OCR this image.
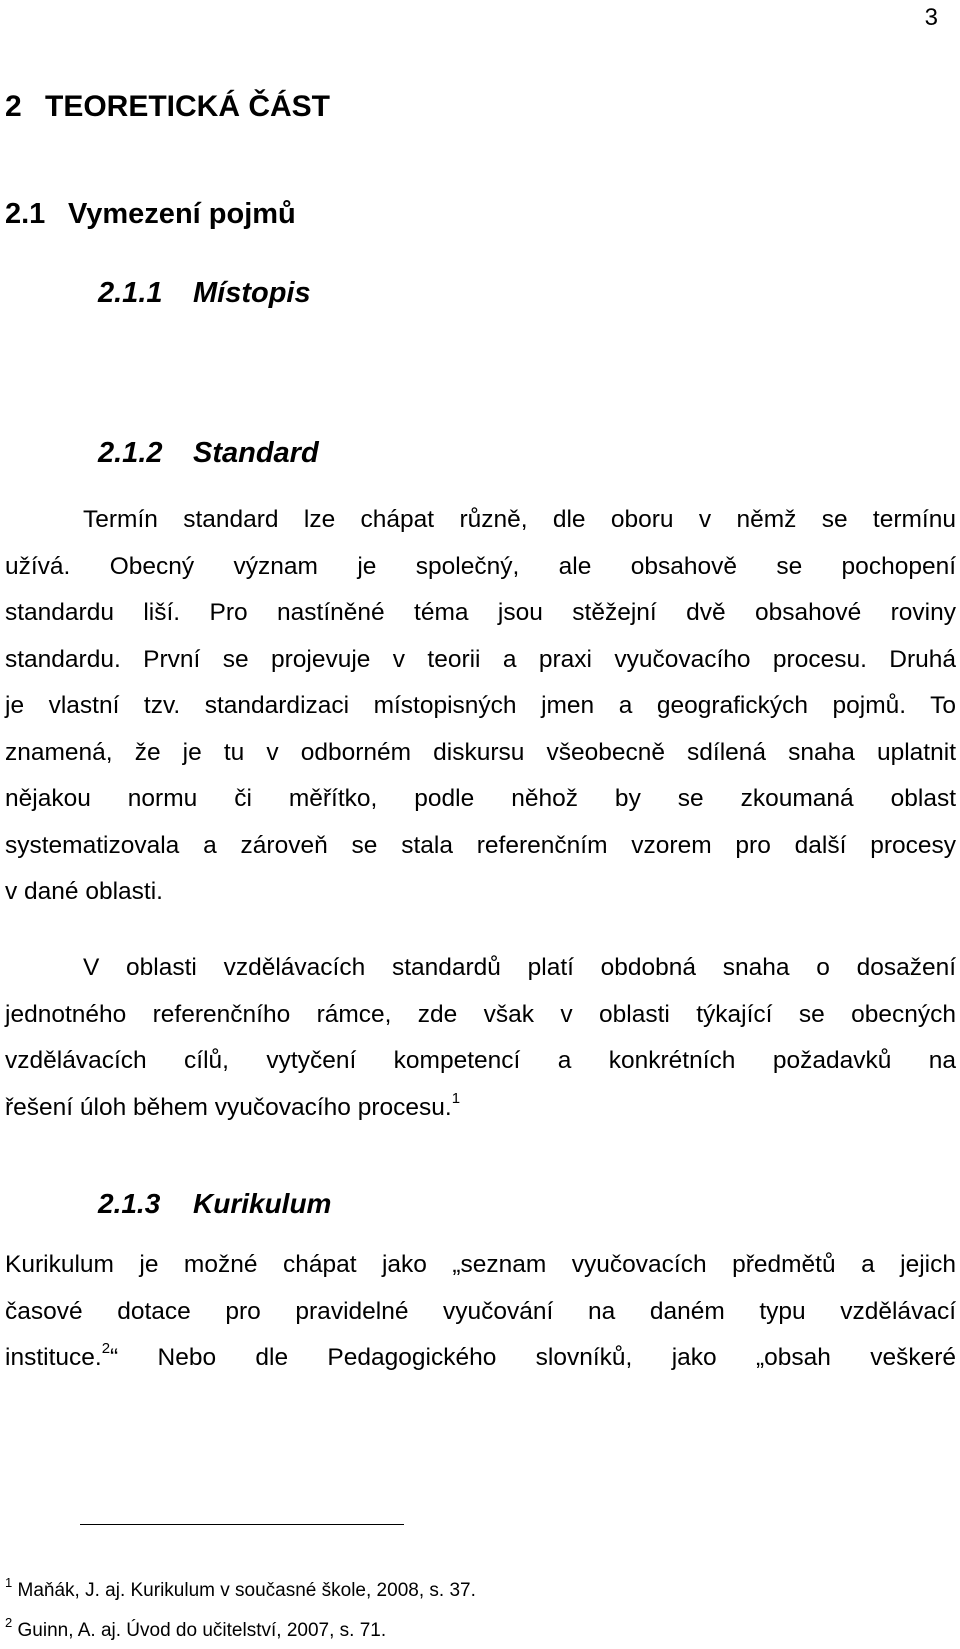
3
2 TEORETICKÁ ČÁST
2.1 Vymezení pojmů
2.1.1 Místopis
2.1.2 Standard
Termín standard lze chápat různě, dle oboru v němž se termínu
užívá. Obecný význam je společný, ale obsahově se pochopení
standardu liší. Pro nastíněné téma jsou stěžejní dvě obsahové roviny
standardu. První se projevuje v teorii a praxi vyučovacího procesu. Druhá
je vlastní tzv. standardizaci místopisných jmen a geografických pojmů. To
znamená, že je tu v odborném diskursu všeobecně sdílená snaha uplatnit
nějakou normu či měřítko, podle něhož by se zkoumaná oblast
systematizovala a zároveň se stala referenčním vzorem pro další procesy
v dané oblasti.
V oblasti vzdělávacích standardů platí obdobná snaha o dosažení
jednotného referenčního rámce, zde však v oblasti týkající se obecných
vzdělávacích cílů, vytyčení kompetencí a konkrétních požadavků na
řešení úloh během vyučovacího procesu.$^1$
2.1.3 Kurikulum
Kurikulum je možné chápat jako „seznam vyučovacích předmětů a jejich
časové dotace pro pravidelné vyučování na daném typu vzdělávací
instituce.$^2$“ Nebo dle Pedagogického slovníků, jako „obsah veškeré
$^1$ Maňák, J. aj. Kurikulum v současné škole, 2008, s. 37.
$^2$ Guinn, A. aj. Úvod do učitelství, 2007, s. 71.
